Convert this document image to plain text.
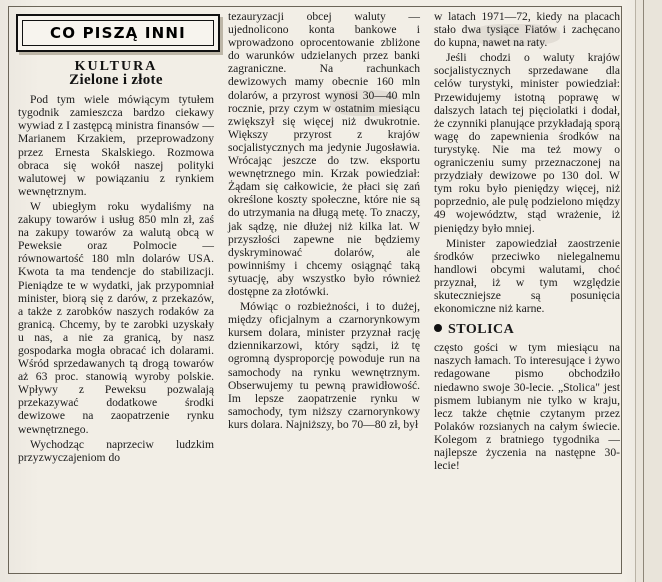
CO PISZĄ INNI
KULTURA
Zielone i złote

Pod tym wiele mówiącym tytułem tygodnik zamieszcza bardzo ciekawy wywiad z I zastępcą ministra finansów — Marianem Krzakiem, przeprowadzony przez Ernesta Skalskiego. Rozmowa obraca się wokół naszej polityki walutowej w powiązaniu z rynkiem wewnętrznym.

W ubiegłym roku wydaliśmy na zakupy towarów i usług 850 mln zł, zaś na zakupy towarów za walutą obcą w Peweksie oraz Polmocie — równowartość 180 mln dolarów USA. Kwota ta ma tendencje do stabilizacji. Pieniądze te w wydatki, jak przypomniał minister, biorą się z darów, z przekazów, a także z zarobków naszych rodaków za granicą. Chcemy, by te zarobki uzyskały u nas, a nie za granicą, by nasz gospodarka mogła obracać ich dolarami. Wśród sprzedawanych tą drogą towarów aż 63 proc. stanowią wyroby polskie. Wpływy z Peweksu pozwalają przekazywać dodatkowe środki dewizowe na zaopatrzenie rynku wewnętrznego.

Wychodząc naprzeciw ludzkim przyzwyczajeniom do

tezauryzacji obcej waluty — ujednolicono konta bankowe i wprowadzono oprocentowanie zbliżone do warunków udzielanych przez banki zagraniczne. Na rachunkach dewizowych mamy obecnie 160 mln dolarów, a przyrost wynosi 30—40 mln rocznie, przy czym w ostatnim miesiącu zwiększył się więcej niż dwukrotnie. Większy przyrost z krajów socjalistycznych ma jedynie Jugosławia. Wrócając jeszcze do tzw. eksportu wewnętrznego min. Krzak powiedział: Żądam się całkowicie, że płaci się zań określone koszty społeczne, które nie są do utrzymania na długą metę. To znaczy, jak sądzę, nie dłużej niż kilka lat. W przyszłości zapewne nie będziemy dyskryminować dolarów, ale powinniśmy i chcemy osiągnąć taką sytuację, aby wszystko było również dostępne za złotówki.

Mówiąc o rozbieżności, i to dużej, między oficjalnym a czarnorynkowym kursem dolara, minister przyznał rację dziennikarzowi, który sądzi, iż tę ogromną dysproporcję powoduje run na samochody na rynku wewnętrznym. Obserwujemy tu pewną prawidłowość. Im lepsze zaopatrzenie rynku w samochody, tym niższy czarnorynkowy kurs dolara. Najniższy, bo 70—80 zł, był

w latach 1971—72, kiedy na placach stało dwa tysiące Fiatów i zachęcano do kupna, nawet na raty.

Jeśli chodzi o waluty krajów socjalistycznych sprzedawane dla celów turystyki, minister powiedział: Przewidujemy istotną poprawę w dalszych latach tej pięciolatki i dodał, że czynniki planujące przykładają sporą wagę do zapewnienia środków na turystykę. Nie ma też mowy o ograniczeniu sumy przeznaczonej na przydziały dewizowe po 130 dol. W tym roku było pieniędzy więcej, niż poprzednio, ale pulę podzielono między 49 województw, stąd wrażenie, iż pieniędzy było mniej.

Minister zapowiedział zaostrzenie środków przeciwko nielegalnemu handlowi obcymi walutami, choć przyznał, iż w tym względzie skuteczniejsze są posunięcia ekonomiczne niż karne.

STOLICA

często gości w tym miesiącu na naszych łamach. To interesujące i żywo redagowane pismo obchodziło niedawno swoje 30-lecie. „Stolica" jest pismem lubianym nie tylko w kraju, lecz także chętnie czytanym przez Polaków rozsianych na całym świecie. Kolegom z bratniego tygodnika — najlepsze życzenia na następne 30-lecie!
